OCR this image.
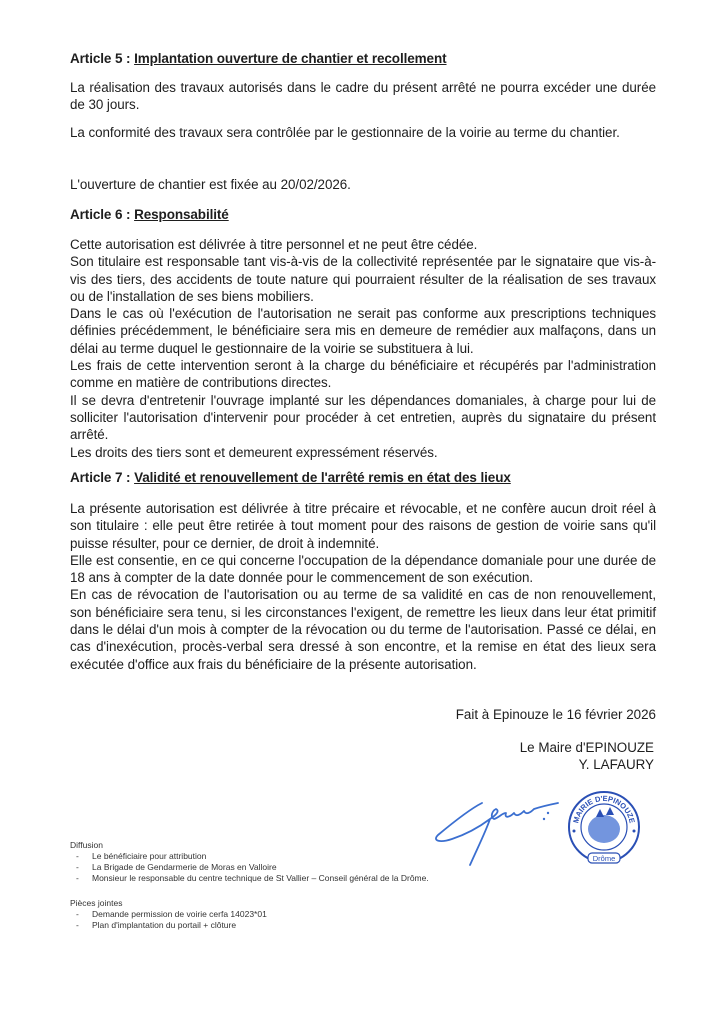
Article 5 : Implantation ouverture de chantier et recollement

La réalisation des travaux autorisés dans le cadre du présent arrêté ne pourra excéder une durée de 30 jours.

La conformité des travaux sera contrôlée par le gestionnaire de la voirie au terme du chantier.

L'ouverture de chantier est fixée au 20/02/2026.

Article 6 : Responsabilité

Cette autorisation est délivrée à titre personnel et ne peut être cédée.

Son titulaire est responsable tant vis-à-vis de la collectivité représentée par le signataire que vis-à-vis des tiers, des accidents de toute nature qui pourraient résulter de la réalisation de ses travaux ou de l'installation de ses biens mobiliers.

Dans le cas où l'exécution de l'autorisation ne serait pas conforme aux prescriptions techniques définies précédemment, le bénéficiaire sera mis en demeure de remédier aux malfaçons, dans un délai au terme duquel le gestionnaire de la voirie se substituera à lui.

Les frais de cette intervention seront à la charge du bénéficiaire et récupérés par l'administration comme en matière de contributions directes.

Il se devra d'entretenir l'ouvrage implanté sur les dépendances domaniales, à charge pour lui de solliciter l'autorisation d'intervenir pour procéder à cet entretien, auprès du signataire du présent arrêté.

Les droits des tiers sont et demeurent expressément réservés.

Article 7 : Validité et renouvellement de l'arrêté remis en état des lieux

La présente autorisation est délivrée à titre précaire et révocable, et ne confère aucun droit réel à son titulaire : elle peut être retirée à tout moment pour des raisons de gestion de voirie sans qu'il puisse résulter, pour ce dernier, de droit à indemnité.

Elle est consentie, en ce qui concerne l'occupation de la dépendance domaniale pour une durée de 18 ans à compter de la date donnée pour le commencement de son exécution.

En cas de révocation de l'autorisation ou au terme de sa validité en cas de non renouvellement, son bénéficiaire sera tenu, si les circonstances l'exigent, de remettre les lieux dans leur état primitif dans le délai d'un mois à compter de la révocation ou du terme de l'autorisation. Passé ce délai, en cas d'inexécution, procès-verbal sera dressé à son encontre, et la remise en état des lieux sera exécutée d'office aux frais du bénéficiaire de la présente autorisation.

Fait à Epinouze le 16 février 2026
Le Maire d'EPINOUZE
Y. LAFAURY
MAIRIE D'EPINOUZE
Drôme
Diffusion
- Le bénéficiaire pour attribution
- La Brigade de Gendarmerie de Moras en Valloire
- Monsieur le responsable du centre technique de St Vallier – Conseil général de la Drôme.
Pièces jointes
- Demande permission de voirie cerfa 14023*01
- Plan d'implantation du portail + clôture
